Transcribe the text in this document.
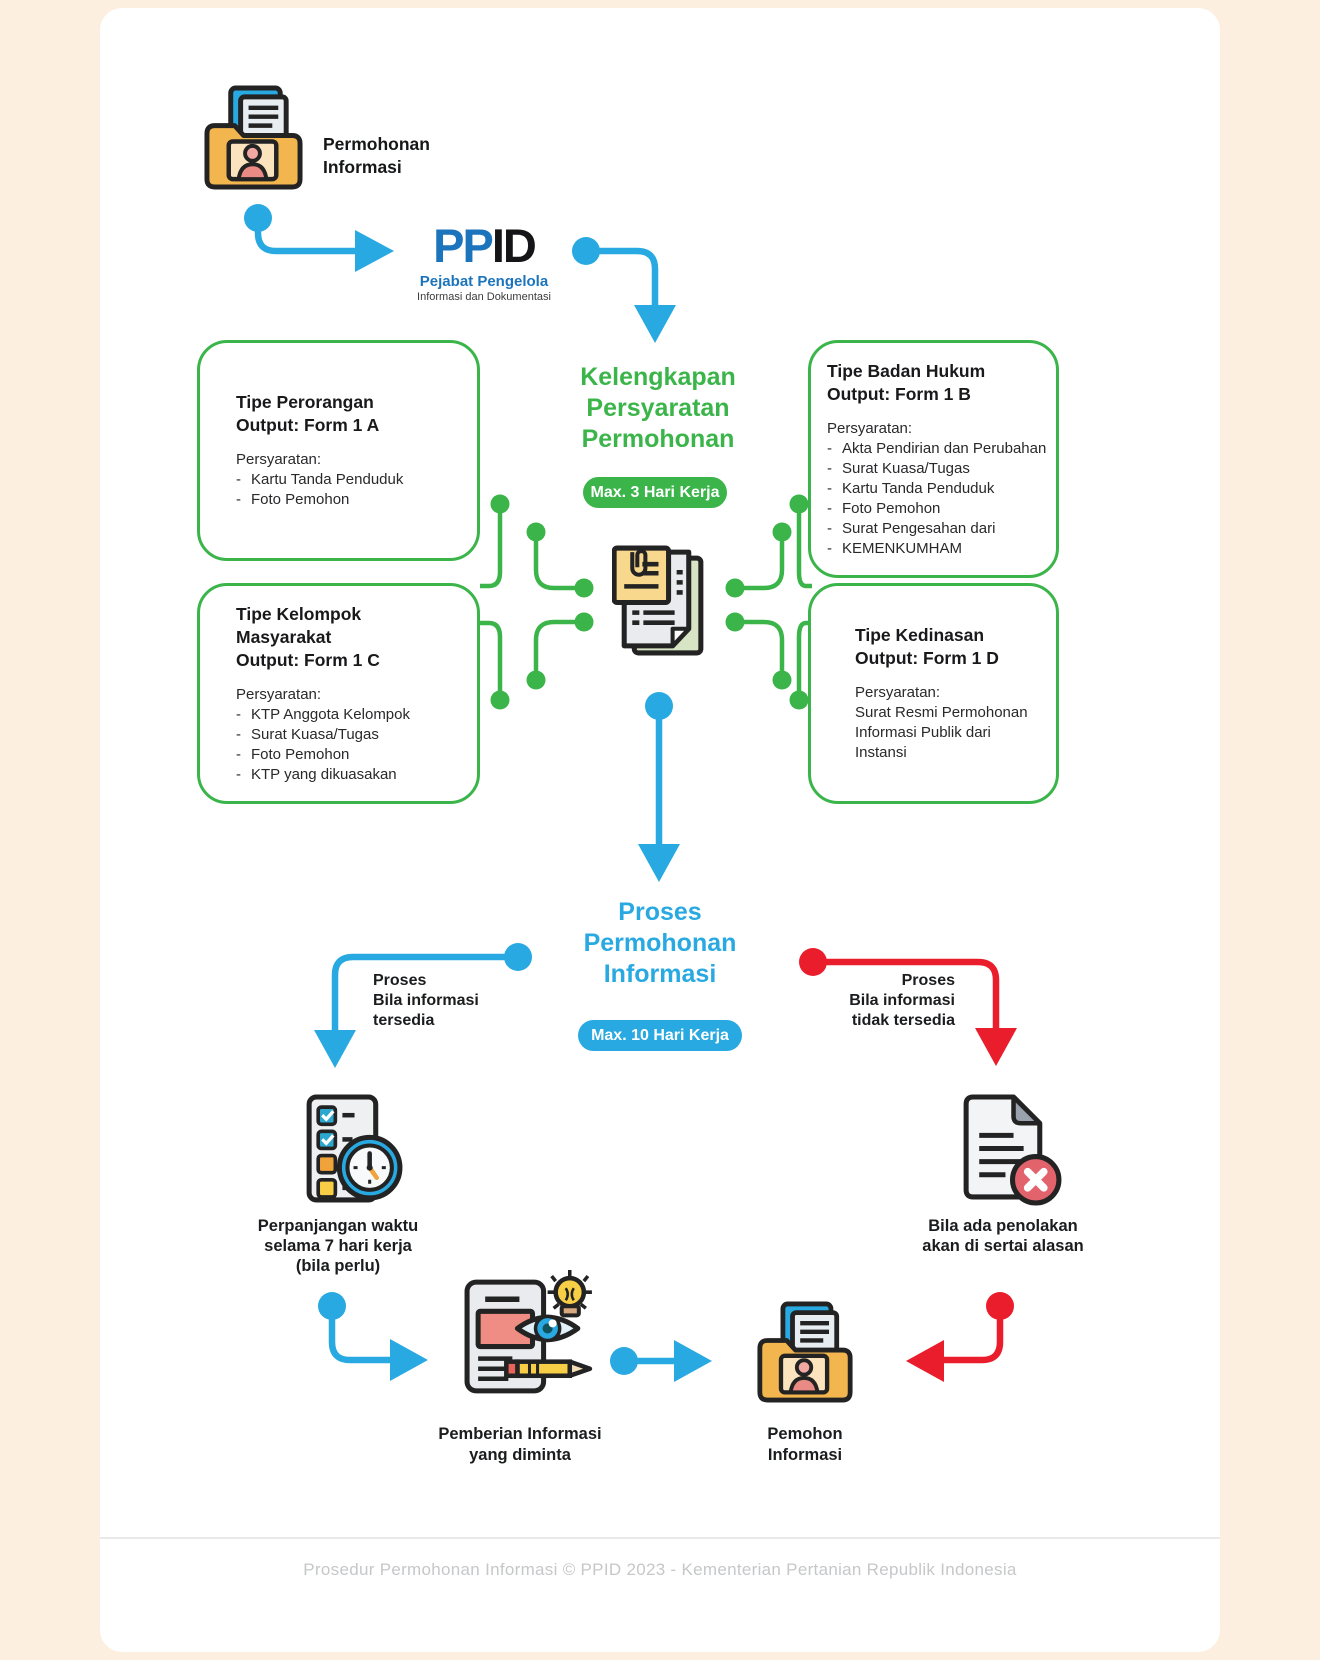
Permohonan
Informasi
PPID
Pejabat Pengelola
Informasi dan Dokumentasi
Kelengkapan Persyaratan Permohonan
Max. 3 Hari Kerja
Tipe Perorangan
Output: Form 1 A
Persyaratan:
- Kartu Tanda Penduduk
- Foto Pemohon
Tipe Badan Hukum
Output: Form 1 B
Persyaratan:
- Akta Pendirian dan Perubahan
- Surat Kuasa/Tugas
- Kartu Tanda Penduduk
- Foto Pemohon
- Surat Pengesahan dari
- KEMENKUMHAM
Tipe Kelompok
Masyarakat
Output: Form 1 C
Persyaratan:
- KTP Anggota Kelompok
- Surat Kuasa/Tugas
- Foto Pemohon
- KTP yang dikuasakan
Tipe Kedinasan
Output: Form 1 D
Persyaratan:
Surat Resmi Permohonan
Informasi Publik dari
Instansi
Proses Permohonan Informasi
Max. 10 Hari Kerja
Proses
Bila informasi
tersedia
Proses
Bila informasi
tidak tersedia
Perpanjangan waktu
selama 7 hari kerja
(bila perlu)
Bila ada penolakan
akan di sertai alasan
Pemberian Informasi
yang diminta
Pemohon
Informasi
Prosedur Permohonan Informasi © PPID 2023 - Kementerian Pertanian Republik Indonesia
